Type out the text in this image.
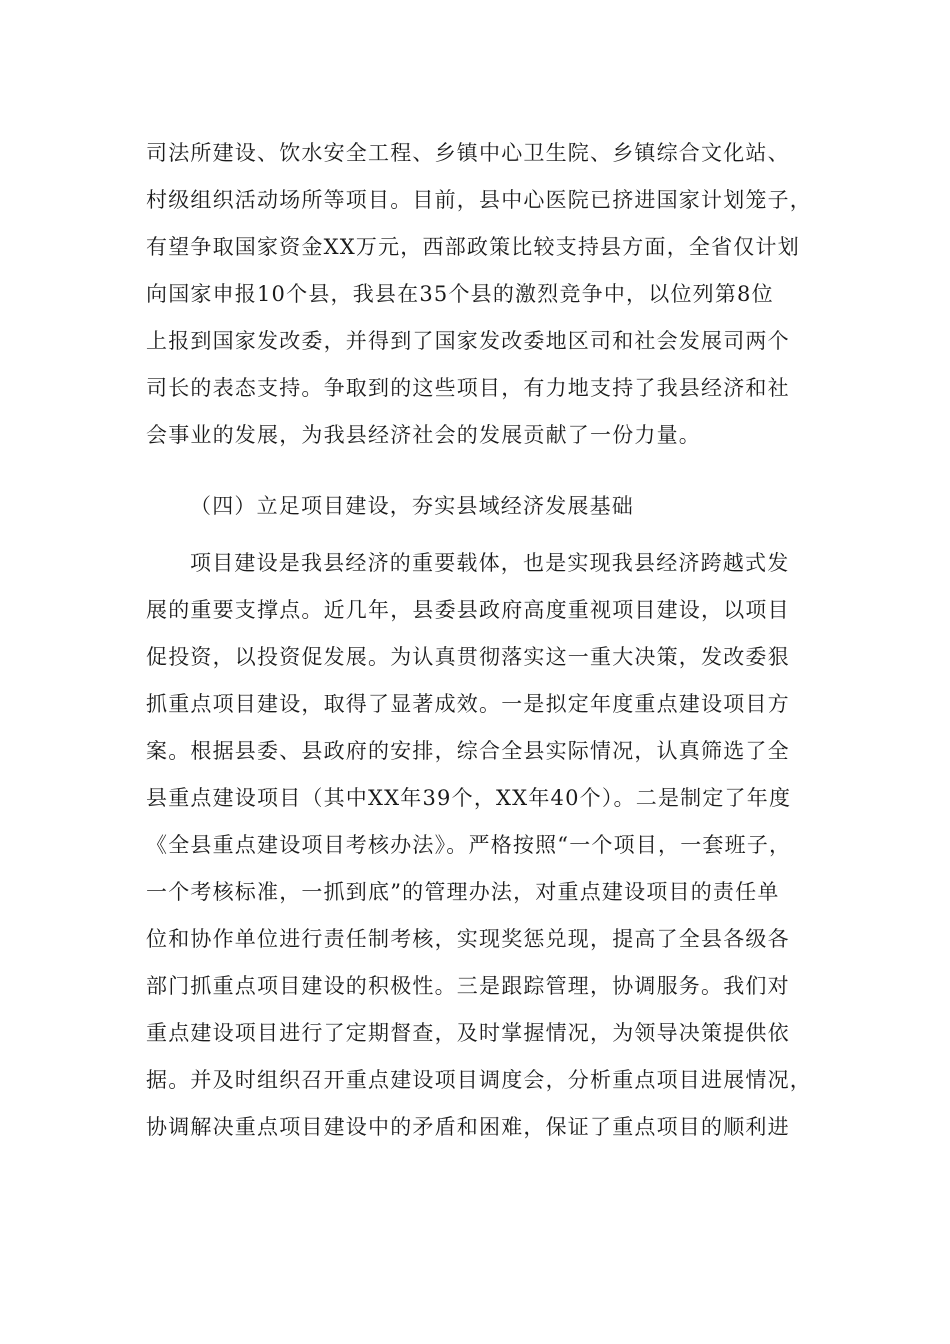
司法所建设、饮水安全工程、乡镇中心卫生院、乡镇综合文化站、
村级组织活动场所等项目。目前，县中心医院已挤进国家计划笼子，
有望争取国家资金XX万元，西部政策比较支持县方面，全省仅计划
向国家申报10个县，我县在35个县的激烈竞争中，以位列第8位
上报到国家发改委，并得到了国家发改委地区司和社会发展司两个
司长的表态支持。争取到的这些项目，有力地支持了我县经济和社
会事业的发展，为我县经济社会的发展贡献了一份力量。
（四）立足项目建设，夯实县域经济发展基础
项目建设是我县经济的重要载体，也是实现我县经济跨越式发
展的重要支撑点。近几年，县委县政府高度重视项目建设，以项目
促投资，以投资促发展。为认真贯彻落实这一重大决策，发改委狠
抓重点项目建设，取得了显著成效。一是拟定年度重点建设项目方
案。根据县委、县政府的安排，综合全县实际情况，认真筛选了全
县重点建设项目（其中XX年39个，XX年40个）。二是制定了年度
《全县重点建设项目考核办法》。严格按照“一个项目，一套班子，
一个考核标准，一抓到底”的管理办法，对重点建设项目的责任单
位和协作单位进行责任制考核，实现奖惩兑现，提高了全县各级各
部门抓重点项目建设的积极性。三是跟踪管理，协调服务。我们对
重点建设项目进行了定期督查，及时掌握情况，为领导决策提供依
据。并及时组织召开重点建设项目调度会，分析重点项目进展情况，
协调解决重点项目建设中的矛盾和困难，保证了重点项目的顺利进
